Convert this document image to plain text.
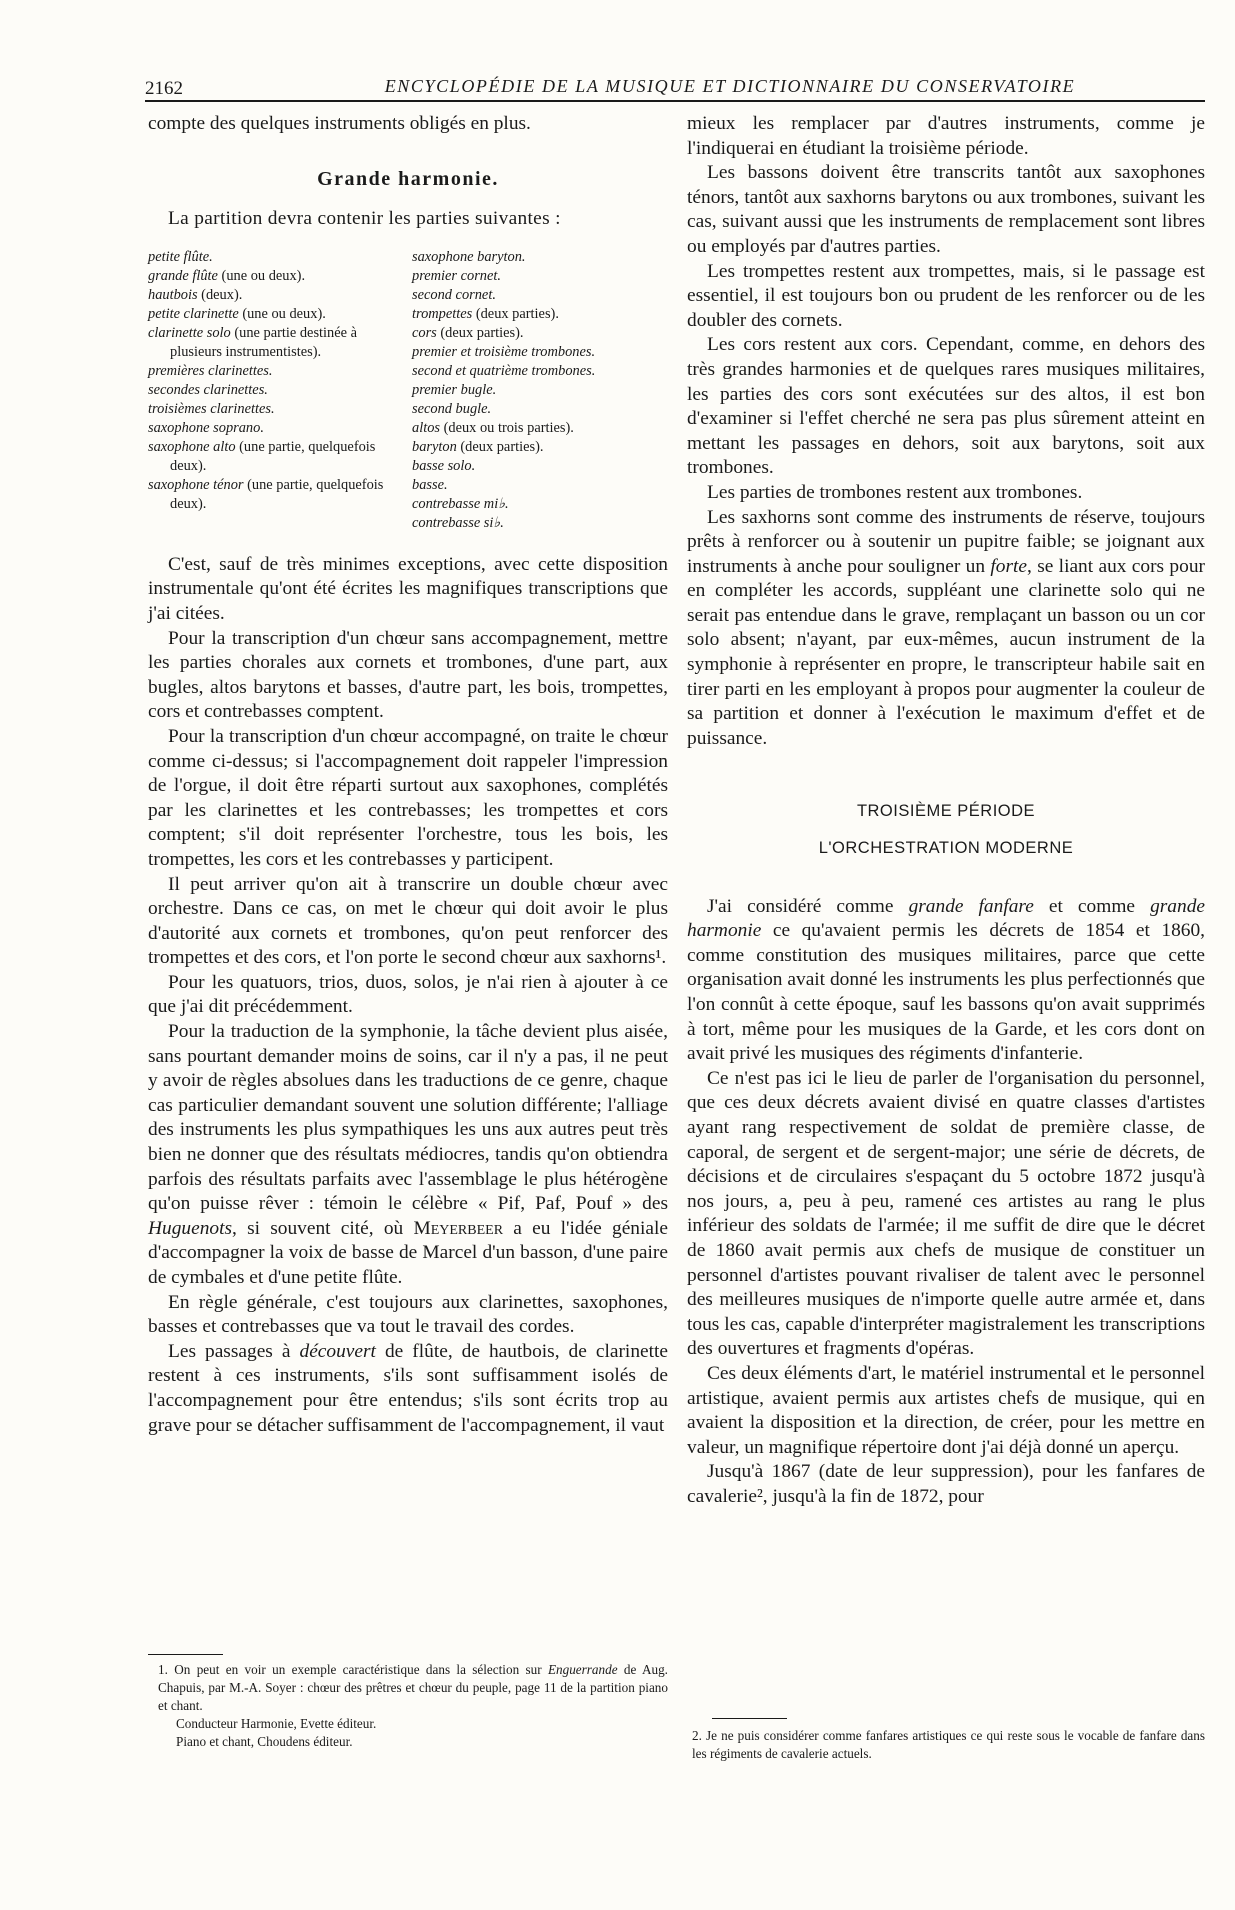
2162	ENCYCLOPÉDIE DE LA MUSIQUE ET DICTIONNAIRE DU CONSERVATOIRE

compte des quelques instruments obligés en plus.

Grande harmonie.

La partition devra contenir les parties suivantes :

petite flûte.
grande flûte (une ou deux).
hautbois (deux).
petite clarinette (une ou deux).
clarinette solo (une partie destinée à plusieurs instrumentistes).
premières clarinettes.
secondes clarinettes.
troisièmes clarinettes.
saxophone soprano.
saxophone alto (une partie, quelquefois deux).
saxophone ténor (une partie, quelquefois deux).
saxophone baryton.
premier cornet.
second cornet.
trompettes (deux parties).
cors (deux parties).
premier et troisième trombones.
second et quatrième trombones.
premier bugle.
second bugle.
altos (deux ou trois parties).
baryton (deux parties).
basse solo.
basse.
contrebasse mi♭.
contrebasse si♭.

C'est, sauf de très minimes exceptions, avec cette disposition instrumentale qu'ont été écrites les magnifiques transcriptions que j'ai citées.

Pour la transcription d'un chœur sans accompagnement, mettre les parties chorales aux cornets et trombones, d'une part, aux bugles, altos barytons et basses, d'autre part, les bois, trompettes, cors et contrebasses comptent.

Pour la transcription d'un chœur accompagné, on traite le chœur comme ci-dessus; si l'accompagnement doit rappeler l'impression de l'orgue, il doit être réparti surtout aux saxophones, complétés par les clarinettes et les contrebasses; les trompettes et cors comptent; s'il doit représenter l'orchestre, tous les bois, les trompettes, les cors et les contrebasses y participent.

Il peut arriver qu'on ait à transcrire un double chœur avec orchestre. Dans ce cas, on met le chœur qui doit avoir le plus d'autorité aux cornets et trombones, qu'on peut renforcer des trompettes et des cors, et l'on porte le second chœur aux saxhorns¹.

Pour les quatuors, trios, duos, solos, je n'ai rien à ajouter à ce que j'ai dit précédemment.

Pour la traduction de la symphonie, la tâche devient plus aisée, sans pourtant demander moins de soins, car il n'y a pas, il ne peut y avoir de règles absolues dans les traductions de ce genre, chaque cas particulier demandant souvent une solution différente; l'alliage des instruments les plus sympathiques les uns aux autres peut très bien ne donner que des résultats médiocres, tandis qu'on obtiendra parfois des résultats parfaits avec l'assemblage le plus hétérogène qu'on puisse rêver : témoin le célèbre « Pif, Paf, Pouf » des Huguenots, si souvent cité, où Meyerbeer a eu l'idée géniale d'accompagner la voix de basse de Marcel d'un basson, d'une paire de cymbales et d'une petite flûte.

En règle générale, c'est toujours aux clarinettes, saxophones, basses et contrebasses que va tout le travail des cordes.

Les passages à découvert de flûte, de hautbois, de clarinette restent à ces instruments, s'ils sont suffisamment isolés de l'accompagnement pour être entendus; s'ils sont écrits trop au grave pour se détacher suffisamment de l'accompagnement, il vaut

1. On peut en voir un exemple caractéristique dans la sélection sur Enguerrande de Aug. Chapuis, par M.-A. Soyer : chœur des prêtres et chœur du peuple, page 11 de la partition piano et chant.
Conducteur Harmonie, Evette éditeur.
Piano et chant, Choudens éditeur.

mieux les remplacer par d'autres instruments, comme je l'indiquerai en étudiant la troisième période.

Les bassons doivent être transcrits tantôt aux saxophones ténors, tantôt aux saxhorns barytons ou aux trombones, suivant les cas, suivant aussi que les instruments de remplacement sont libres ou employés par d'autres parties.

Les trompettes restent aux trompettes, mais, si le passage est essentiel, il est toujours bon ou prudent de les renforcer ou de les doubler des cornets.

Les cors restent aux cors. Cependant, comme, en dehors des très grandes harmonies et de quelques rares musiques militaires, les parties des cors sont exécutées sur des altos, il est bon d'examiner si l'effet cherché ne sera pas plus sûrement atteint en mettant les passages en dehors, soit aux barytons, soit aux trombones.

Les parties de trombones restent aux trombones.

Les saxhorns sont comme des instruments de réserve, toujours prêts à renforcer ou à soutenir un pupitre faible; se joignant aux instruments à anche pour souligner un forte, se liant aux cors pour en compléter les accords, suppléant une clarinette solo qui ne serait pas entendue dans le grave, remplaçant un basson ou un cor solo absent; n'ayant, par eux-mêmes, aucun instrument de la symphonie à représenter en propre, le transcripteur habile sait en tirer parti en les employant à propos pour augmenter la couleur de sa partition et donner à l'exécution le maximum d'effet et de puissance.

TROISIÈME PÉRIODE
L'ORCHESTRATION MODERNE

J'ai considéré comme grande fanfare et comme grande harmonie ce qu'avaient permis les décrets de 1854 et 1860, comme constitution des musiques militaires, parce que cette organisation avait donné les instruments les plus perfectionnés que l'on connût à cette époque, sauf les bassons qu'on avait supprimés à tort, même pour les musiques de la Garde, et les cors dont on avait privé les musiques des régiments d'infanterie.

Ce n'est pas ici le lieu de parler de l'organisation du personnel, que ces deux décrets avaient divisé en quatre classes d'artistes ayant rang respectivement de soldat de première classe, de caporal, de sergent et de sergent-major; une série de décrets, de décisions et de circulaires s'espaçant du 5 octobre 1872 jusqu'à nos jours, a, peu à peu, ramené ces artistes au rang le plus inférieur des soldats de l'armée; il me suffit de dire que le décret de 1860 avait permis aux chefs de musique de constituer un personnel d'artistes pouvant rivaliser de talent avec le personnel des meilleures musiques de n'importe quelle autre armée et, dans tous les cas, capable d'interpréter magistralement les transcriptions des ouvertures et fragments d'opéras.

Ces deux éléments d'art, le matériel instrumental et le personnel artistique, avaient permis aux artistes chefs de musique, qui en avaient la disposition et la direction, de créer, pour les mettre en valeur, un magnifique répertoire dont j'ai déjà donné un aperçu.

Jusqu'à 1867 (date de leur suppression), pour les fanfares de cavalerie², jusqu'à la fin de 1872, pour

2. Je ne puis considérer comme fanfares artistiques ce qui reste sous le vocable de fanfare dans les régiments de cavalerie actuels.
